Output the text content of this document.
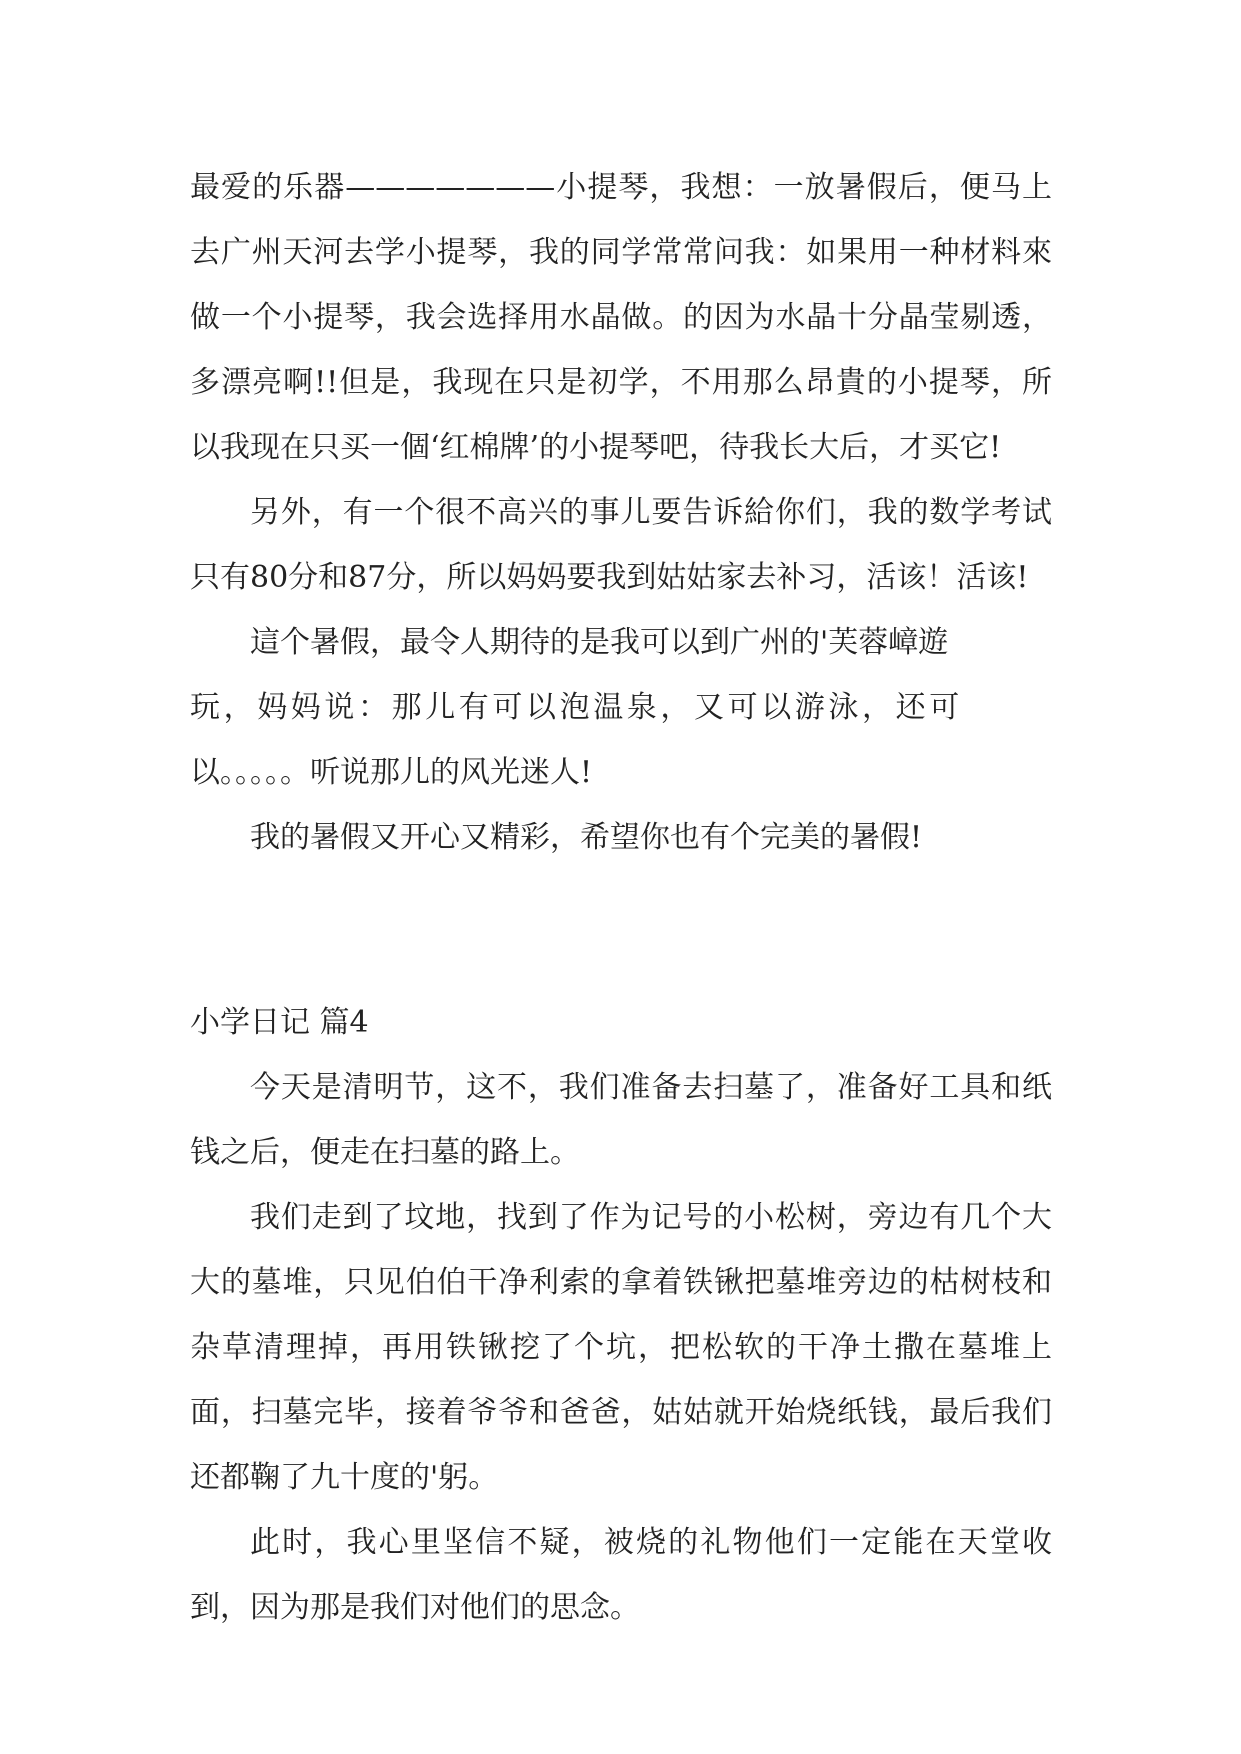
最爱的乐器———————小提琴，我想：一放暑假后，便马上去广州天河去学小提琴，我的同学常常问我：如果用一种材料來做一个小提琴，我会选择用水晶做。的因为水晶十分晶莹剔透，多漂亮啊!!但是，我现在只是初学，不用那么昂貴的小提琴，所以我现在只买一個‘红棉牌’的小提琴吧，待我长大后，才买它!

另外，有一个很不高兴的事儿要告诉給你们，我的数学考试只有80分和87分，所以妈妈要我到姑姑家去补习，活该！活该!

這个暑假，最令人期待的是我可以到广州的'芙蓉嶂遊

玩，妈妈说：那儿有可以泡温泉，又可以游泳，还可

以。。。。。听说那儿的风光迷人!

我的暑假又开心又精彩，希望你也有个完美的暑假!

小学日记 篇4

今天是清明节，这不，我们准备去扫墓了，准备好工具和纸钱之后，便走在扫墓的路上。

我们走到了坟地，找到了作为记号的小松树，旁边有几个大大的墓堆，只见伯伯干净利索的拿着铁锹把墓堆旁边的枯树枝和杂草清理掉，再用铁锹挖了个坑，把松软的干净土撒在墓堆上面，扫墓完毕，接着爷爷和爸爸，姑姑就开始烧纸钱，最后我们还都鞠了九十度的'躬。

此时，我心里坚信不疑，被烧的礼物他们一定能在天堂收到，因为那是我们对他们的思念。
